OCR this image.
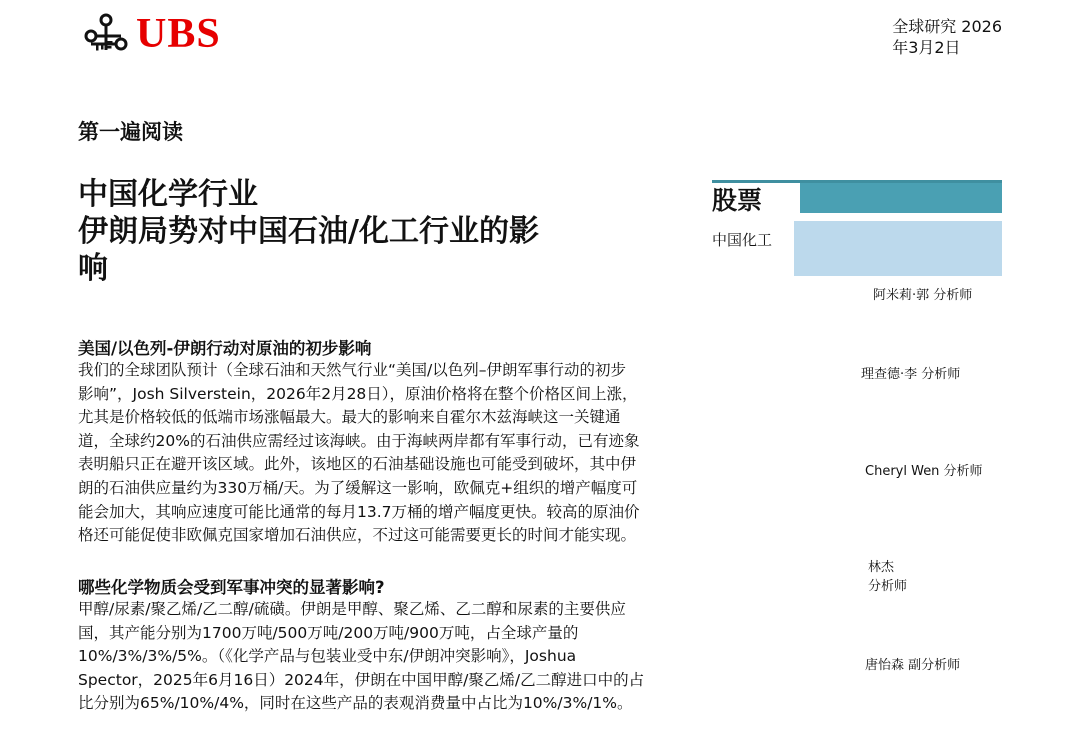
UBS	全球研究 2026
年3月2日
第一遍阅读
中国化学行业
伊朗局势对中国石油/化工行业的影
响
股票
中国化工
阿米莉·郭 分析师
理查德·李 分析师
Cheryl Wen 分析师
林杰
分析师
唐怡森 副分析师
美国/以色列-伊朗行动对原油的初步影响
我们的全球团队预计（全球石油和天然气行业“美国/以色列–伊朗军事行动的初步
影响”，Josh Silverstein，2026年2月28日），原油价格将在整个价格区间上涨，
尤其是价格较低的低端市场涨幅最大。最大的影响来自霍尔木兹海峡这一关键通
道，全球约20%的石油供应需经过该海峡。由于海峡两岸都有军事行动，已有迹象
表明船只正在避开该区域。此外，该地区的石油基础设施也可能受到破坏，其中伊
朗的石油供应量约为330万桶/天。为了缓解这一影响，欧佩克+组织的增产幅度可
能会加大，其响应速度可能比通常的每月13.7万桶的增产幅度更快。较高的原油价
格还可能促使非欧佩克国家增加石油供应，不过这可能需要更长的时间才能实现。
哪些化学物质会受到军事冲突的显著影响?
甲醇/尿素/聚乙烯/乙二醇/硫磺。伊朗是甲醇、聚乙烯、乙二醇和尿素的主要供应
国，其产能分别为1700万吨/500万吨/200万吨/900万吨，占全球产量的
10%/3%/3%/5%。（《化学产品与包装业受中东/伊朗冲突影响》，Joshua
Spector，2025年6月16日）2024年，伊朗在中国甲醇/聚乙烯/乙二醇进口中的占
比分别为65%/10%/4%，同时在这些产品的表观消费量中占比为10%/3%/1%。
